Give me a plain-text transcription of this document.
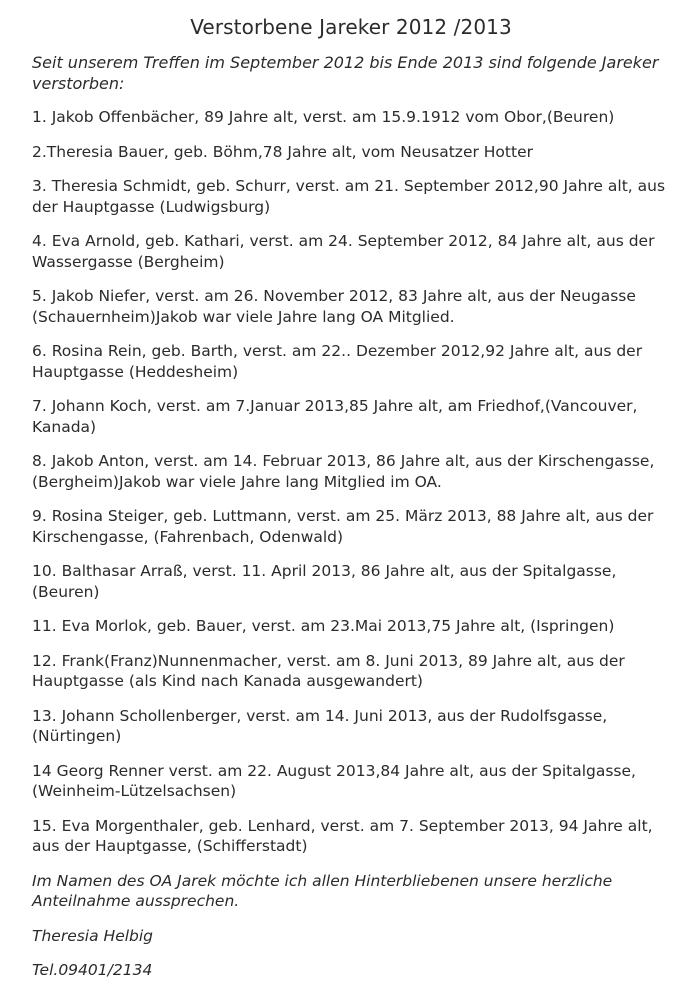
Verstorbene Jareker 2012 /2013

Seit unserem Treffen im September 2012 bis Ende 2013 sind folgende Jareker verstorben:

1. Jakob Offenbächer, 89 Jahre alt, verst. am 15.9.1912 vom Obor,(Beuren)
2.Theresia Bauer, geb. Böhm,78 Jahre alt, vom Neusatzer Hotter
3. Theresia Schmidt, geb. Schurr, verst. am 21. September 2012,90 Jahre alt, aus der Hauptgasse (Ludwigsburg)
4. Eva Arnold, geb. Kathari, verst. am 24. September 2012, 84 Jahre alt, aus der Wassergasse (Bergheim)
5. Jakob Niefer, verst. am 26. November 2012, 83 Jahre alt, aus der Neugasse (Schauernheim)Jakob war viele Jahre lang OA Mitglied.
6. Rosina Rein, geb. Barth, verst. am 22.. Dezember 2012,92 Jahre alt, aus der Hauptgasse (Heddesheim)
7. Johann Koch, verst. am 7.Januar 2013,85 Jahre alt, am Friedhof,(Vancouver, Kanada)
8. Jakob Anton, verst. am 14. Februar 2013, 86 Jahre alt, aus der Kirschengasse, (Bergheim)Jakob war viele Jahre lang Mitglied im OA.
9. Rosina Steiger, geb. Luttmann, verst. am 25. März 2013, 88 Jahre alt, aus der Kirschengasse, (Fahrenbach, Odenwald)
10. Balthasar Arraß, verst. 11. April 2013, 86 Jahre alt, aus der Spitalgasse, (Beuren)
11. Eva Morlok, geb. Bauer, verst. am 23.Mai 2013,75 Jahre alt, (Ispringen)
12. Frank(Franz)Nunnenmacher, verst. am 8. Juni 2013, 89 Jahre alt, aus der Hauptgasse (als Kind nach Kanada ausgewandert)
13. Johann Schollenberger, verst. am 14. Juni 2013, aus der Rudolfsgasse, (Nürtingen)
14 Georg Renner verst. am 22. August 2013,84 Jahre alt, aus der Spitalgasse, (Weinheim-Lützelsachsen)
15. Eva Morgenthaler, geb. Lenhard, verst. am 7. September 2013, 94 Jahre alt, aus der Hauptgasse, (Schifferstadt)

Im Namen des OA Jarek möchte ich allen Hinterbliebenen unsere herzliche Anteilnahme aussprechen.

Theresia Helbig

Tel.09401/2134
